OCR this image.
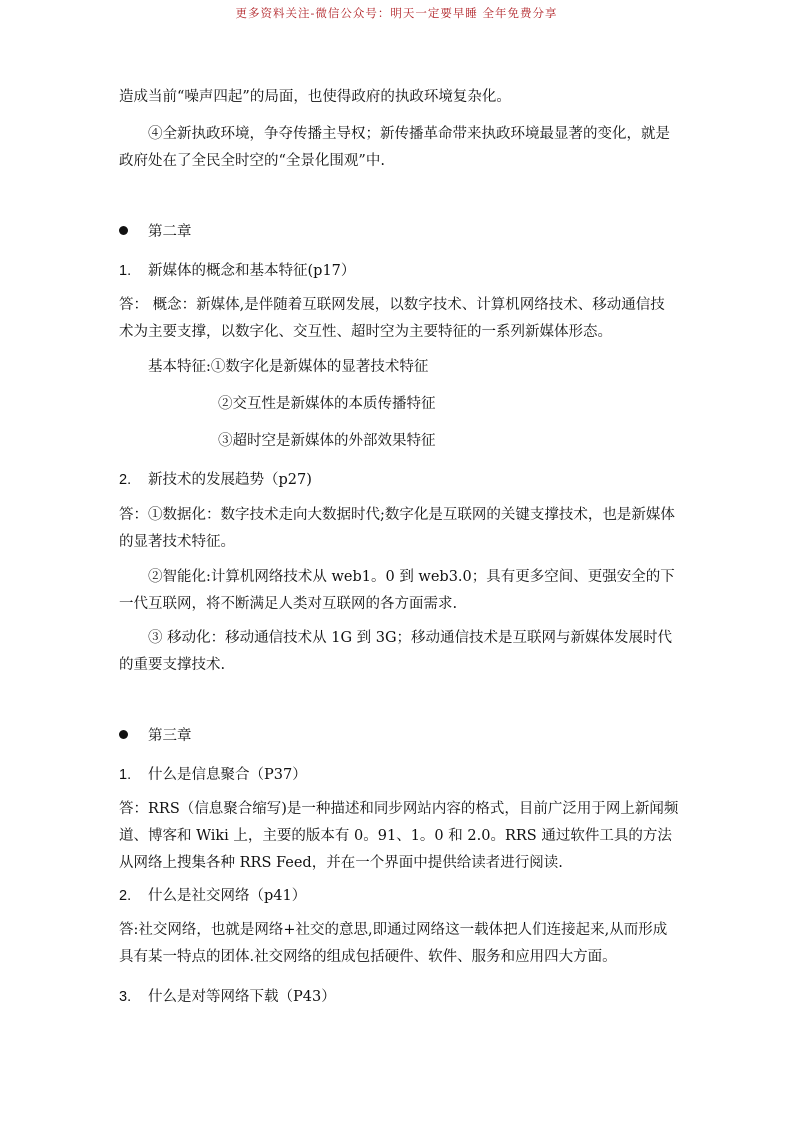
更多资料关注-微信公众号：明天一定要早睡 全年免费分享

造成当前“噪声四起”的局面，也使得政府的执政环境复杂化。

④全新执政环境，争夺传播主导权；新传播革命带来执政环境最显著的变化，就是政府处在了全民全时空的“全景化围观”中.

第二章
1. 新媒体的概念和基本特征(p17）

答： 概念：新媒体,是伴随着互联网发展，以数字技术、计算机网络技术、移动通信技术为主要支撑，以数字化、交互性、超时空为主要特征的一系列新媒体形态。

基本特征:①数字化是新媒体的显著技术特征
②交互性是新媒体的本质传播特征
③超时空是新媒体的外部效果特征
2. 新技术的发展趋势（p27)

答：①数据化：数字技术走向大数据时代;数字化是互联网的关键支撑技术，也是新媒体的显著技术特征。

②智能化:计算机网络技术从 web1。0 到 web3.0；具有更多空间、更强安全的下一代互联网，将不断满足人类对互联网的各方面需求.

③ 移动化：移动通信技术从 1G 到 3G；移动通信技术是互联网与新媒体发展时代的重要支撑技术.

第三章
1. 什么是信息聚合（P37）

答：RRS（信息聚合缩写)是一种描述和同步网站内容的格式，目前广泛用于网上新闻频道、博客和 Wiki 上，主要的版本有 0。91、1。0 和 2.0。RRS 通过软件工具的方法从网络上搜集各种 RRS Feed，并在一个界面中提供给读者进行阅读.

2. 什么是社交网络（p41）

答:社交网络，也就是网络+社交的意思,即通过网络这一载体把人们连接起来,从而形成具有某一特点的团体.社交网络的组成包括硬件、软件、服务和应用四大方面。

3. 什么是对等网络下载（P43）
